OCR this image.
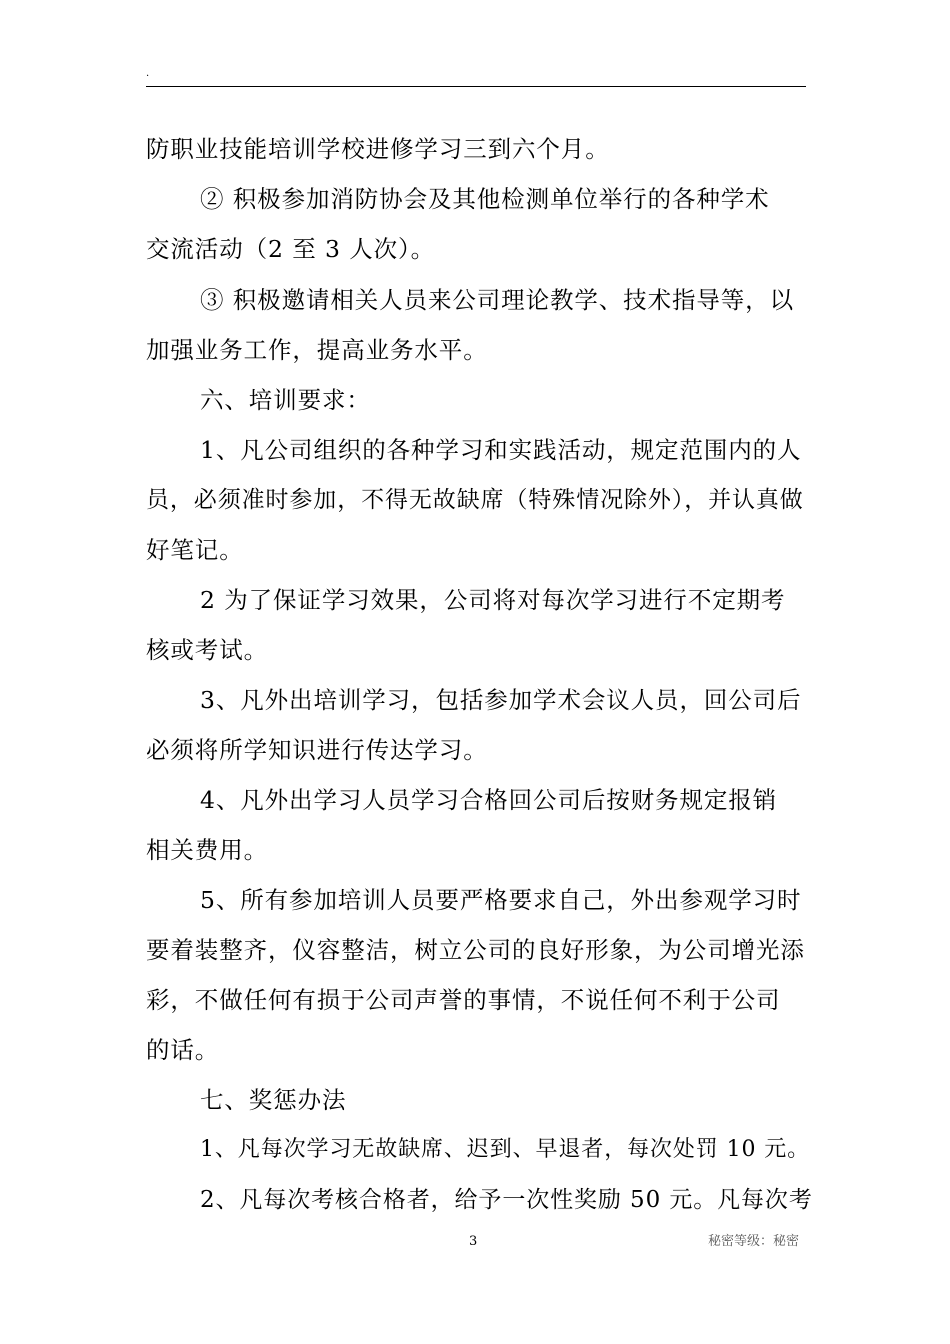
.
防职业技能培训学校进修学习三到六个月。
② 积极参加消防协会及其他检测单位举行的各种学术
交流活动（2 至 3 人次）。
③ 积极邀请相关人员来公司理论教学、技术指导等，以
加强业务工作，提高业务水平。
六、培训要求：
1、凡公司组织的各种学习和实践活动，规定范围内的人
员，必须准时参加，不得无故缺席（特殊情况除外），并认真做
好笔记。
2 为了保证学习效果，公司将对每次学习进行不定期考
核或考试。
3、凡外出培训学习，包括参加学术会议人员，回公司后
必须将所学知识进行传达学习。
4、凡外出学习人员学习合格回公司后按财务规定报销
相关费用。
5、所有参加培训人员要严格要求自己，外出参观学习时
要着装整齐，仪容整洁，树立公司的良好形象，为公司增光添
彩，不做任何有损于公司声誉的事情，不说任何不利于公司
的话。
七、奖惩办法
1、凡每次学习无故缺席、迟到、早退者，每次处罚 10 元。
2、凡每次考核合格者，给予一次性奖励 50 元。凡每次考
3	秘密等级：秘密
